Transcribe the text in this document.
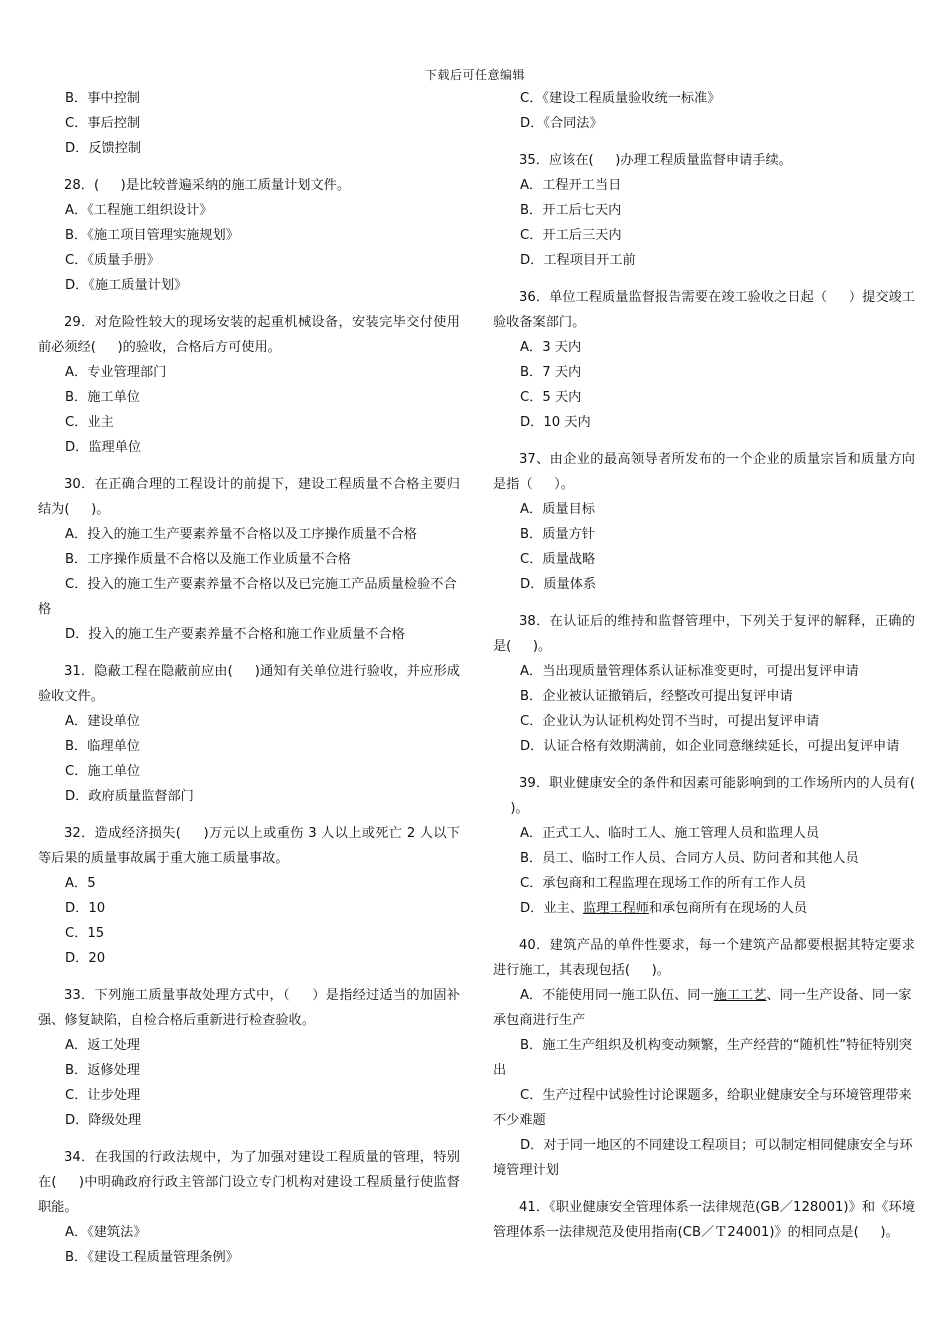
下载后可任意编辑
B．事中控制
C．事后控制
D．反馈控制
28．( 　 )是比较普遍采纳的施工质量计划文件。
A．《工程施工组织设计》
B．《施工项目管理实施规划》
C．《质量手册》
D．《施工质量计划》
29．对危险性较大的现场安装的起重机械设备，安装完毕交付使用前必须经( 　 )的验收，合格后方可使用。
A．专业管理部门
B．施工单位
C．业主
D．监理单位
30．在正确合理的工程设计的前提下，建设工程质量不合格主要归结为( 　 )。
A．投入的施工生产要素养量不合格以及工序操作质量不合格
B．工序操作质量不合格以及施工作业质量不合格
C．投入的施工生产要素养量不合格以及已完施工产品质量检验不合格
D．投入的施工生产要素养量不合格和施工作业质量不合格
31．隐蔽工程在隐蔽前应由( 　 )通知有关单位进行验收，并应形成验收文件。
A．建设单位
B．临理单位
C．施工单位
D．政府质量监督部门
32．造成经济损失( 　 )万元以上或重伤 3 人以上或死亡 2 人以下等后果的质量事故属于重大施工质量事故。
A．5
D．10
C．15
D．20
33．下列施工质量事故处理方式中，（ 　 ）是指经过适当的加固补强、修复缺陷，自检合格后重新进行检查验收。
A．返工处理
B．返修处理
C．让步处理
D．降级处理
34．在我国的行政法规中，为了加强对建设工程质量的管理，特别在( 　 )中明确政府行政主管部门设立专门机构对建设工程质量行使监督职能。
A．《建筑法》
B．《建设工程质量管理条例》
C．《建设工程质量验收统一标准》
D．《合同法》
35．应该在( 　 )办理工程质量监督申请手续。
A．工程开工当日
B．开工后七天内
C．开工后三天内
D．工程项目开工前
36．单位工程质量监督报告需要在竣工验收之日起（ 　 ）提交竣工验收备案部门。
A．3 天内
B．7 天内
C．5 天内
D．10 天内
37、由企业的最高领导者所发布的一个企业的质量宗旨和质量方向是指（ 　 ）。
A．质量目标
B．质量方针
C．质量战略
D．质量体系
38．在认证后的维持和监督管理中，下列关于复评的解释，正确的是( 　 )。
A．当出现质量管理体系认证标准变更时，可提出复评申请
B．企业被认证撤销后，经整改可提出复评申请
C．企业认为认证机构处罚不当时，可提出复评申请
D．认证合格有效期满前，如企业同意继续延长，可提出复评申请
39．职业健康安全的条件和因素可能影响到的工作场所内的人员有( 　 )。
A．正式工人、临时工人、施工管理人员和监理人员
B．员工、临时工作人员、合同方人员、防问者和其他人员
C．承包商和工程监理在现场工作的所有工作人员
D．业主、监理工程师和承包商所有在现场的人员
40．建筑产品的单件性要求，每一个建筑产品都要根据其特定要求进行施工，其表现包括( 　 )。
A．不能使用同一施工队伍、同一施工工艺、同一生产设备、同一家承包商进行生产
B．施工生产组织及机构变动频繁，生产经营的“随机性”特征特别突出
C．生产过程中试验性讨论课题多，给职业健康安全与环境管理带来不少难题
D．对于同一地区的不同建设工程项目；可以制定相同健康安全与环境管理计划
41．《职业健康安全管理体系一法律规范(GB／128001)》和《环境管理体系一法律规范及使用指南(CB／Ｔ24001)》的相同点是( 　 )。
